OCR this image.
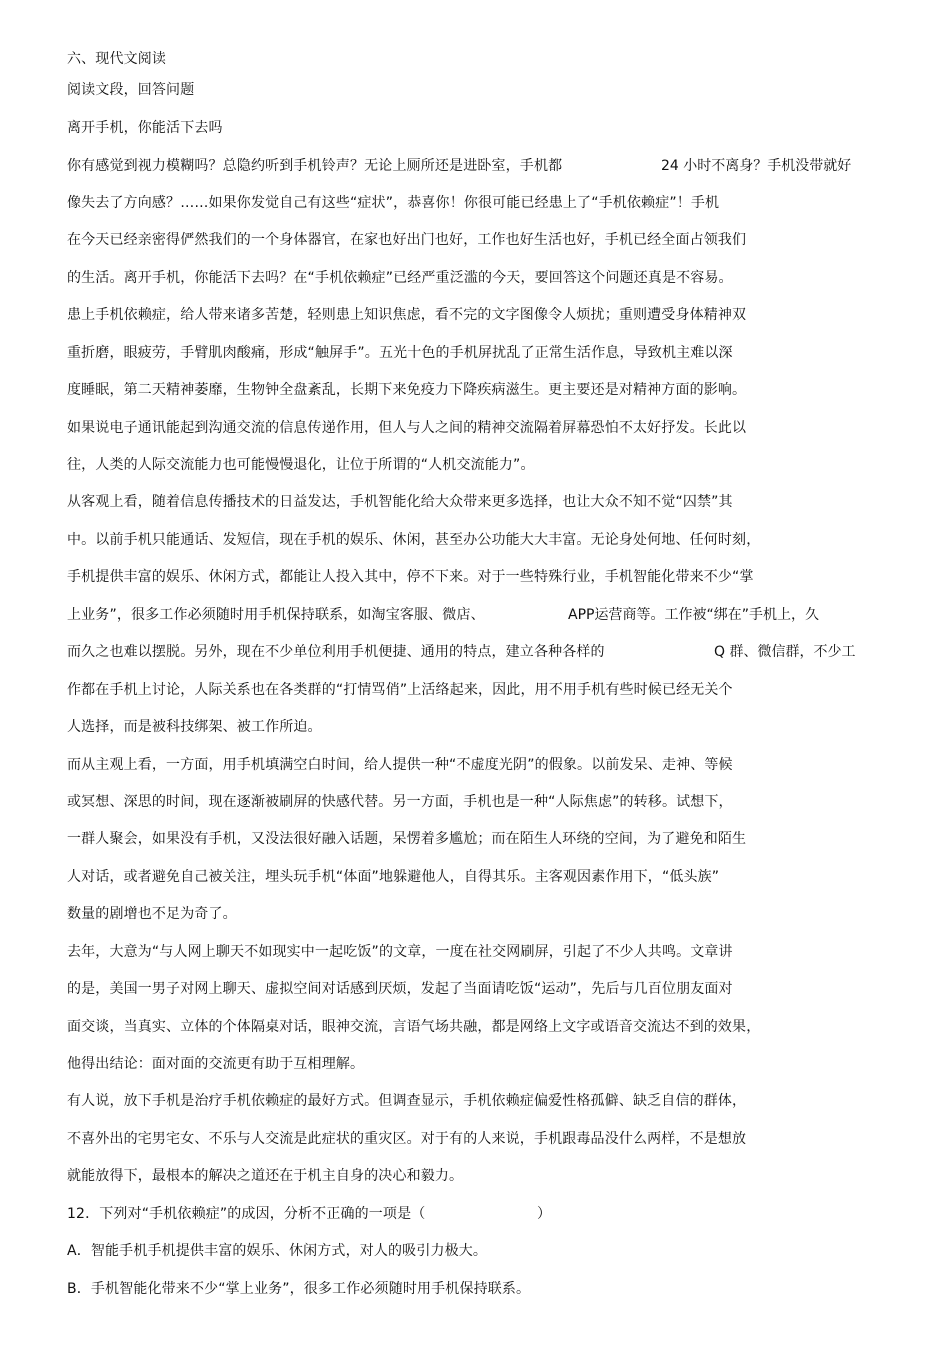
六、现代文阅读
阅读文段，回答问题
离开手机，你能活下去吗
你有感觉到视力模糊吗？总隐约听到手机铃声？无论上厕所还是进卧室，手机都	24 小时不离身？手机没带就好
像失去了方向感？……如果你发觉自己有这些“症状”，恭喜你！你很可能已经患上了“手机依赖症”！手机
在今天已经亲密得俨然我们的一个身体器官，在家也好出门也好，工作也好生活也好，手机已经全面占领我们
的生活。离开手机，你能活下去吗？在“手机依赖症”已经严重泛滥的今天，要回答这个问题还真是不容易。
患上手机依赖症，给人带来诸多苦楚，轻则患上知识焦虑，看不完的文字图像令人烦扰；重则遭受身体精神双
重折磨，眼疲劳，手臂肌肉酸痛，形成“触屏手”。五光十色的手机屏扰乱了正常生活作息，导致机主难以深
度睡眠，第二天精神萎靡，生物钟全盘紊乱，长期下来免疫力下降疾病滋生。更主要还是对精神方面的影响。
如果说电子通讯能起到沟通交流的信息传递作用，但人与人之间的精神交流隔着屏幕恐怕不太好抒发。长此以
往，人类的人际交流能力也可能慢慢退化，让位于所谓的“人机交流能力”。
从客观上看，随着信息传播技术的日益发达，手机智能化给大众带来更多选择，也让大众不知不觉“囚禁”其
中。以前手机只能通话、发短信，现在手机的娱乐、休闲，甚至办公功能大大丰富。无论身处何地、任何时刻，
手机提供丰富的娱乐、休闲方式，都能让人投入其中，停不下来。对于一些特殊行业，手机智能化带来不少“掌
上业务”，很多工作必须随时用手机保持联系，如淘宝客服、微店、	APP运营商等。工作被“绑在”手机上，久
而久之也难以摆脱。另外，现在不少单位利用手机便捷、通用的特点，建立各种各样的	Q 群、微信群，不少工
作都在手机上讨论，人际关系也在各类群的“打情骂俏”上活络起来，因此，用不用手机有些时候已经无关个
人选择，而是被科技绑架、被工作所迫。
而从主观上看，一方面，用手机填满空白时间，给人提供一种“不虚度光阴”的假象。以前发呆、走神、等候
或冥想、深思的时间，现在逐渐被刷屏的快感代替。另一方面，手机也是一种“人际焦虑”的转移。试想下，
一群人聚会，如果没有手机，又没法很好融入话题，呆愣着多尴尬；而在陌生人环绕的空间，为了避免和陌生
人对话，或者避免自己被关注，埋头玩手机“体面”地躲避他人，自得其乐。主客观因素作用下，“低头族”
数量的剧增也不足为奇了。
去年，大意为“与人网上聊天不如现实中一起吃饭”的文章，一度在社交网刷屏，引起了不少人共鸣。文章讲
的是，美国一男子对网上聊天、虚拟空间对话感到厌烦，发起了当面请吃饭“运动”，先后与几百位朋友面对
面交谈，当真实、立体的个体隔桌对话，眼神交流，言语气场共融，都是网络上文字或语音交流达不到的效果，
他得出结论：面对面的交流更有助于互相理解。
有人说，放下手机是治疗手机依赖症的最好方式。但调查显示，手机依赖症偏爱性格孤僻、缺乏自信的群体，
不喜外出的宅男宅女、不乐与人交流是此症状的重灾区。对于有的人来说，手机跟毒品没什么两样，不是想放
就能放得下，最根本的解决之道还在于机主自身的决心和毅力。
12．下列对“手机依赖症”的成因，分析不正确的一项是（	）
A．智能手机手机提供丰富的娱乐、休闲方式，对人的吸引力极大。
B．手机智能化带来不少“掌上业务”，很多工作必须随时用手机保持联系。
